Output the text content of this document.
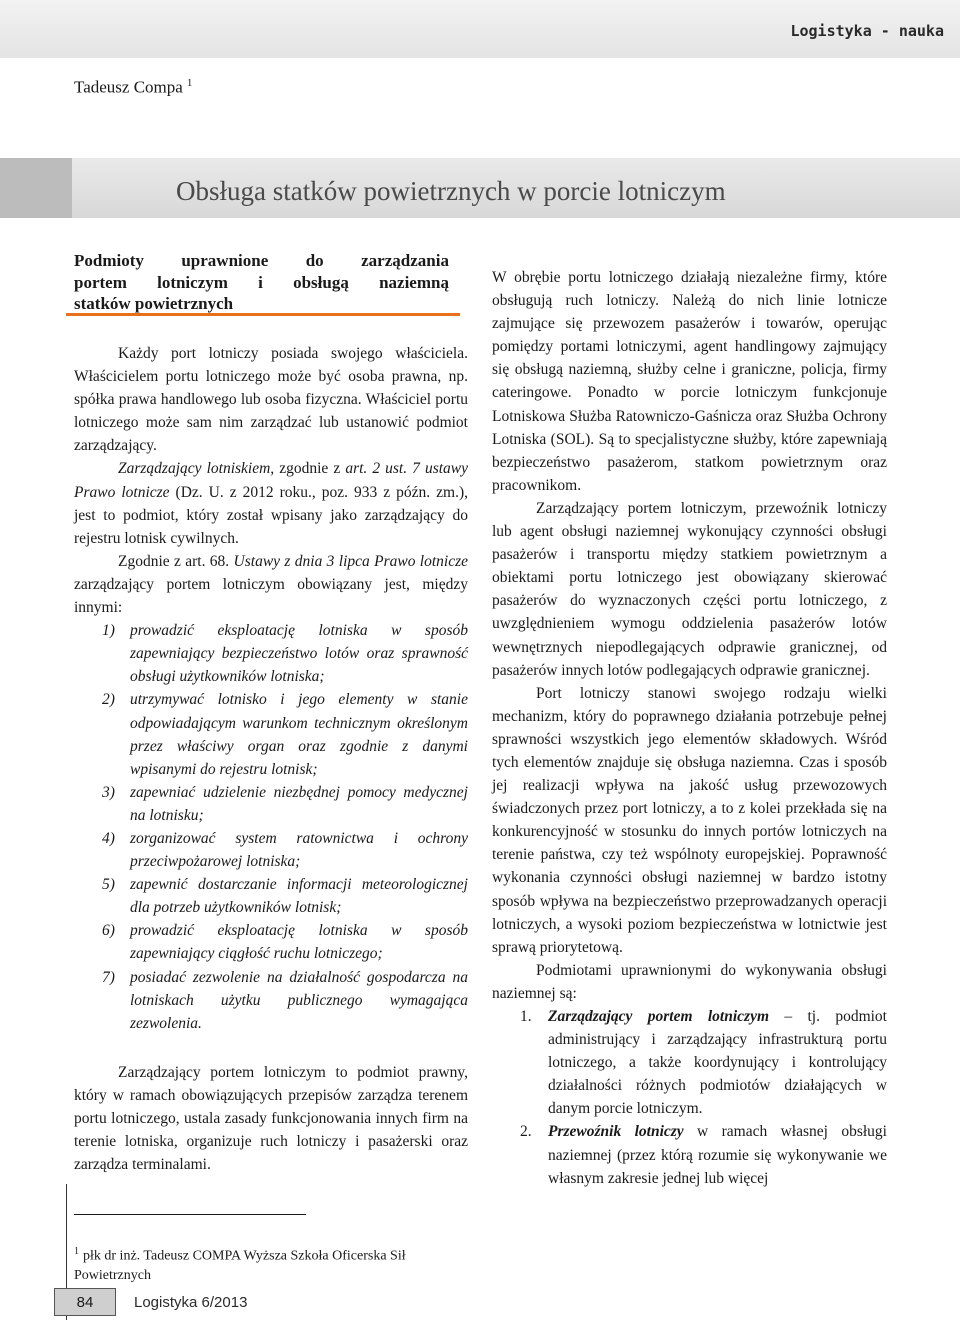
Logistyka - nauka
Tadeusz Compa $^1$
Obsługa statków powietrznych w porcie lotniczym
Podmioty uprawnione do zarządzania
portem lotniczym i obsługą naziemną
statków powietrznych

Każdy port lotniczy posiada swojego właściciela. Właścicielem portu lotniczego może być osoba prawna, np. spółka prawa handlowego lub osoba fizyczna. Właściciel portu lotniczego może sam nim zarządzać lub ustanowić podmiot zarządzający.

Zarządzający lotniskiem, zgodnie z art. 2 ust. 7 ustawy Prawo lotnicze (Dz. U. z 2012 roku., poz. 933 z późn. zm.), jest to podmiot, który został wpisany jako zarządzający do rejestru lotnisk cywilnych.

Zgodnie z art. 68. Ustawy z dnia 3 lipca Prawo lotnicze zarządzający portem lotniczym obowiązany jest, między innymi:

1) prowadzić eksploatację lotniska w sposób zapewniający bezpieczeństwo lotów oraz sprawność obsługi użytkowników lotniska;
2) utrzymywać lotnisko i jego elementy w stanie odpowiadającym warunkom technicznym określonym przez właściwy organ oraz zgodnie z danymi wpisanymi do rejestru lotnisk;
3) zapewniać udzielenie niezbędnej pomocy medycznej na lotnisku;
4) zorganizować system ratownictwa i ochrony przeciwpożarowej lotniska;
5) zapewnić dostarczanie informacji meteorologicznej dla potrzeb użytkowników lotnisk;
6) prowadzić eksploatację lotniska w sposób zapewniający ciągłość ruchu lotniczego;
7) posiadać zezwolenie na działalność gospodarcza na lotniskach użytku publicznego wymagająca zezwolenia.

Zarządzający portem lotniczym to podmiot prawny, który w ramach obowiązujących przepisów zarządza terenem portu lotniczego, ustala zasady funkcjonowania innych firm na terenie lotniska, organizuje ruch lotniczy i pasażerski oraz zarządza terminalami.

W obrębie portu lotniczego działają niezależne firmy, które obsługują ruch lotniczy. Należą do nich linie lotnicze zajmujące się przewozem pasażerów i towarów, operując pomiędzy portami lotniczymi, agent handlingowy zajmujący się obsługą naziemną, służby celne i graniczne, policja, firmy cateringowe. Ponadto w porcie lotniczym funkcjonuje Lotniskowa Służba Ratowniczo-Gaśnicza oraz Służba Ochrony Lotniska (SOL). Są to specjalistyczne służby, które zapewniają bezpieczeństwo pasażerom, statkom powietrznym oraz pracownikom.

Zarządzający portem lotniczym, przewoźnik lotniczy lub agent obsługi naziemnej wykonujący czynności obsługi pasażerów i transportu między statkiem powietrznym a obiektami portu lotniczego jest obowiązany skierować pasażerów do wyznaczonych części portu lotniczego, z uwzględnieniem wymogu oddzielenia pasażerów lotów wewnętrznych niepodlegających odprawie granicznej, od pasażerów innych lotów podlegających odprawie granicznej.

Port lotniczy stanowi swojego rodzaju wielki mechanizm, który do poprawnego działania potrzebuje pełnej sprawności wszystkich jego elementów składowych. Wśród tych elementów znajduje się obsługa naziemna. Czas i sposób jej realizacji wpływa na jakość usług przewozowych świadczonych przez port lotniczy, a to z kolei przekłada się na konkurencyjność w stosunku do innych portów lotniczych na terenie państwa, czy też wspólnoty europejskiej. Poprawność wykonania czynności obsługi naziemnej w bardzo istotny sposób wpływa na bezpieczeństwo przeprowadzanych operacji lotniczych, a wysoki poziom bezpieczeństwa w lotnictwie jest sprawą priorytetową.

Podmiotami uprawnionymi do wykonywania obsługi naziemnej są:

1. Zarządzający portem lotniczym – tj. podmiot administrujący i zarządzający infrastrukturą portu lotniczego, a także koordynujący i kontrolujący działalności różnych podmiotów działających w danym porcie lotniczym.
2. Przewoźnik lotniczy w ramach własnej obsługi naziemnej (przez którą rozumie się wykonywanie we własnym zakresie jednej lub więcej

$^1$ płk dr inż. Tadeusz COMPA Wyższa Szkoła Oficerska Sił Powietrznych

84	Logistyka 6/2013
